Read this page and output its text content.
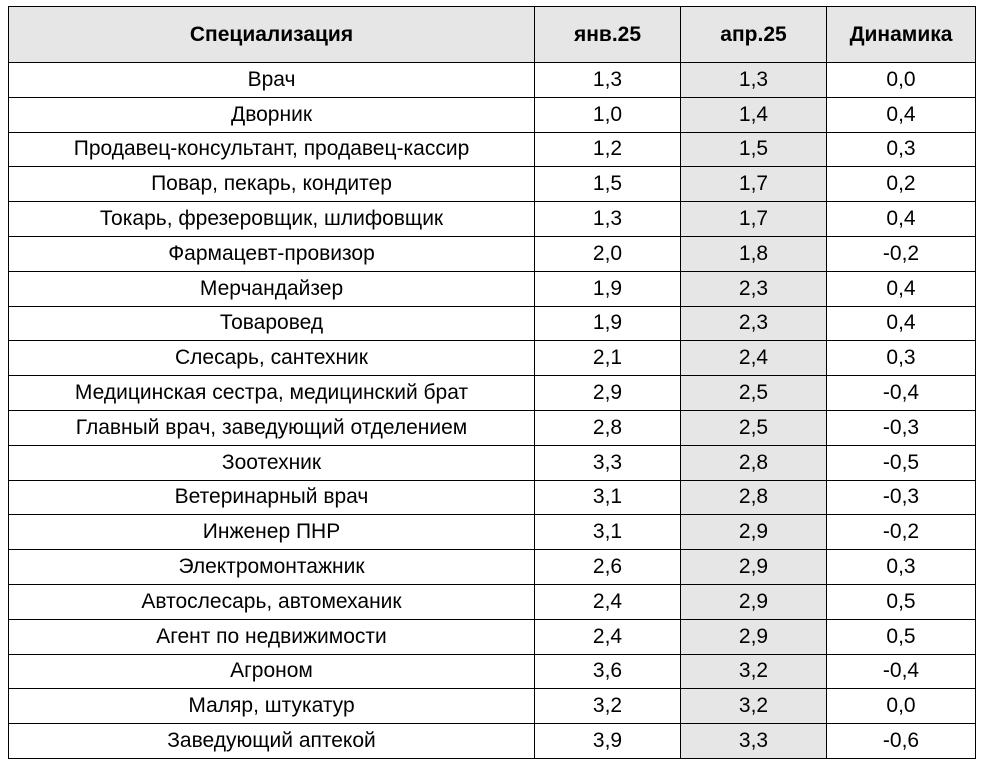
Специализация	янв.25	апр.25	Динамика
Врач	1,3	1,3	0,0
Дворник	1,0	1,4	0,4
Продавец-консультант, продавец-кассир	1,2	1,5	0,3
Повар, пекарь, кондитер	1,5	1,7	0,2
Токарь, фрезеровщик, шлифовщик	1,3	1,7	0,4
Фармацевт-провизор	2,0	1,8	-0,2
Мерчандайзер	1,9	2,3	0,4
Товаровед	1,9	2,3	0,4
Слесарь, сантехник	2,1	2,4	0,3
Медицинская сестра, медицинский брат	2,9	2,5	-0,4
Главный врач, заведующий отделением	2,8	2,5	-0,3
Зоотехник	3,3	2,8	-0,5
Ветеринарный врач	3,1	2,8	-0,3
Инженер ПНР	3,1	2,9	-0,2
Электромонтажник	2,6	2,9	0,3
Автослесарь, автомеханик	2,4	2,9	0,5
Агент по недвижимости	2,4	2,9	0,5
Агроном	3,6	3,2	-0,4
Маляр, штукатур	3,2	3,2	0,0
Заведующий аптекой	3,9	3,3	-0,6
